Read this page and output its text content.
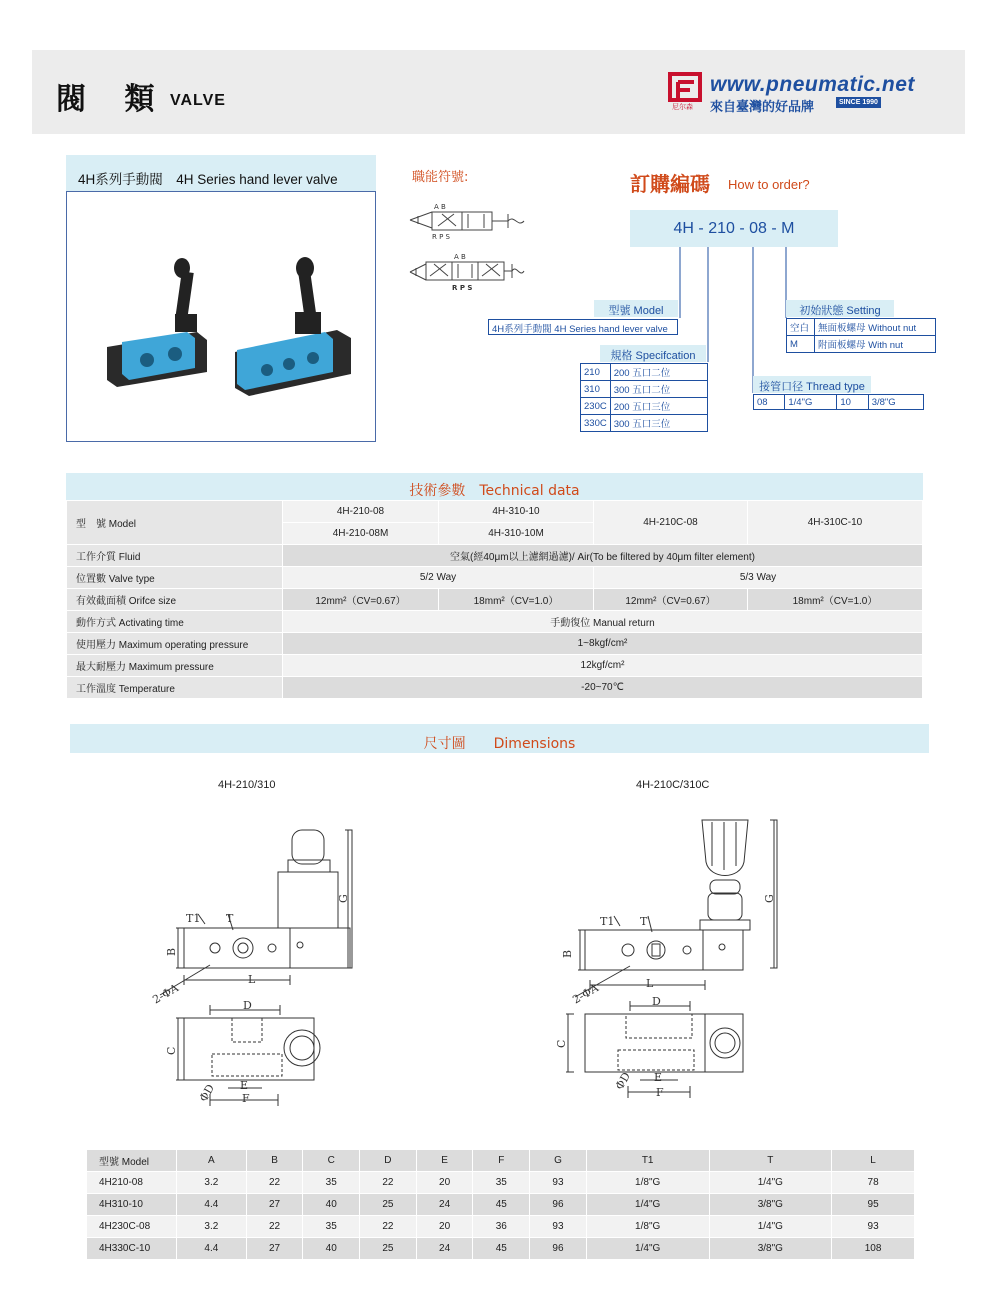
閥 類 VALVE	尼尔森
www.pneumatic.net
來自臺灣的好品牌	SINCE 1990
4H系列手動閥　4H Series hand lever valve	職能符號:
A B
R P S
A B
R P S
訂購編碼 How to order?
4H - 210 - 08 - M
型號 Model
4H系列手動閥 4H Series hand lever valve
規格 Specifcation
210	200 五口二位
310	300 五口二位
230C	200 五口三位
330C	300 五口三位
接管口径 Thread type
08	1/4"G	10	3/8"G
初始狀態 Setting
空白	無面板螺母 Without nut
M	附面板螺母 With nut
技術參數　Technical data
型　號 Model	4H-210-08	4H-310-10	4H-210C-08	4H-310C-10
	4H-210-08M	4H-310-10M		
工作介質 Fluid	空氣(經40μm以上濾網過濾)/ Air(To be filtered by 40μm filter element)			
位置數 Valve type	5/2 Way		5/3 Way	
有效截面積 Orifce size	12mm²（CV=0.67）	18mm²（CV=1.0）	12mm²（CV=0.67）	18mm²（CV=1.0）
動作方式 Activating time	手動復位 Manual return			
使用壓力 Maximum operating pressure	1~8kgf/cm²			
最大耐壓力 Maximum pressure	12kgf/cm²			
工作溫度 Temperature	-20~70℃			
尺寸圖　　Dimensions
4H-210/310	4H-210C/310C
T1 T
B
2-ΦA
L
G
D
C
E
F
ΦD
T1 T
B
2-ΦA	L
G
D
C
E
F
ΦD
型號 Model	A	B	C	D	E	F	G	T1	T	L
4H210-08	3.2	22	35	22	20	35	93	1/8"G	1/4"G	78
4H310-10	4.4	27	40	25	24	45	96	1/4"G	3/8"G	95
4H230C-08	3.2	22	35	22	20	36	93	1/8"G	1/4"G	93
4H330C-10	4.4	27	40	25	24	45	96	1/4"G	3/8"G	108
